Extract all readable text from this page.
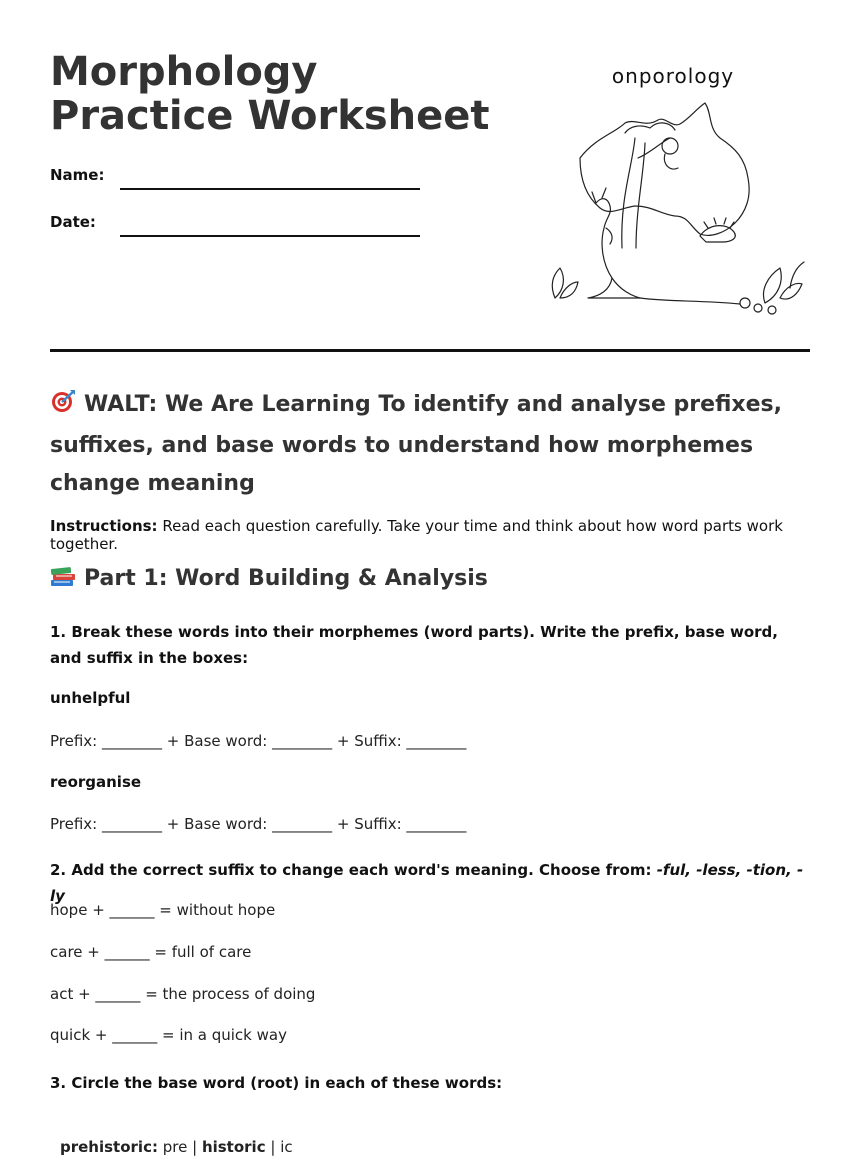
Morphology Practice Worksheet
Name:
Date:
onporology
WALT: We Are Learning To identify and analyse prefixes, suffixes, and base words to understand how morphemes change meaning
Instructions: Read each question carefully. Take your time and think about how word parts work together.
Part 1: Word Building & Analysis
1. Break these words into their morphemes (word parts). Write the prefix, base word, and suffix in the boxes:
unhelpful
Prefix: ________ + Base word: ________ + Suffix: ________
reorganise
Prefix: ________ + Base word: ________ + Suffix: ________
2. Add the correct suffix to change each word's meaning. Choose from: -ful, -less, -tion, -ly
hope + ______ = without hope
care + ______ = full of care
act + ______ = the process of doing
quick + ______ = in a quick way
3. Circle the base word (root) in each of these words:
prehistoric: pre | historic | ic
